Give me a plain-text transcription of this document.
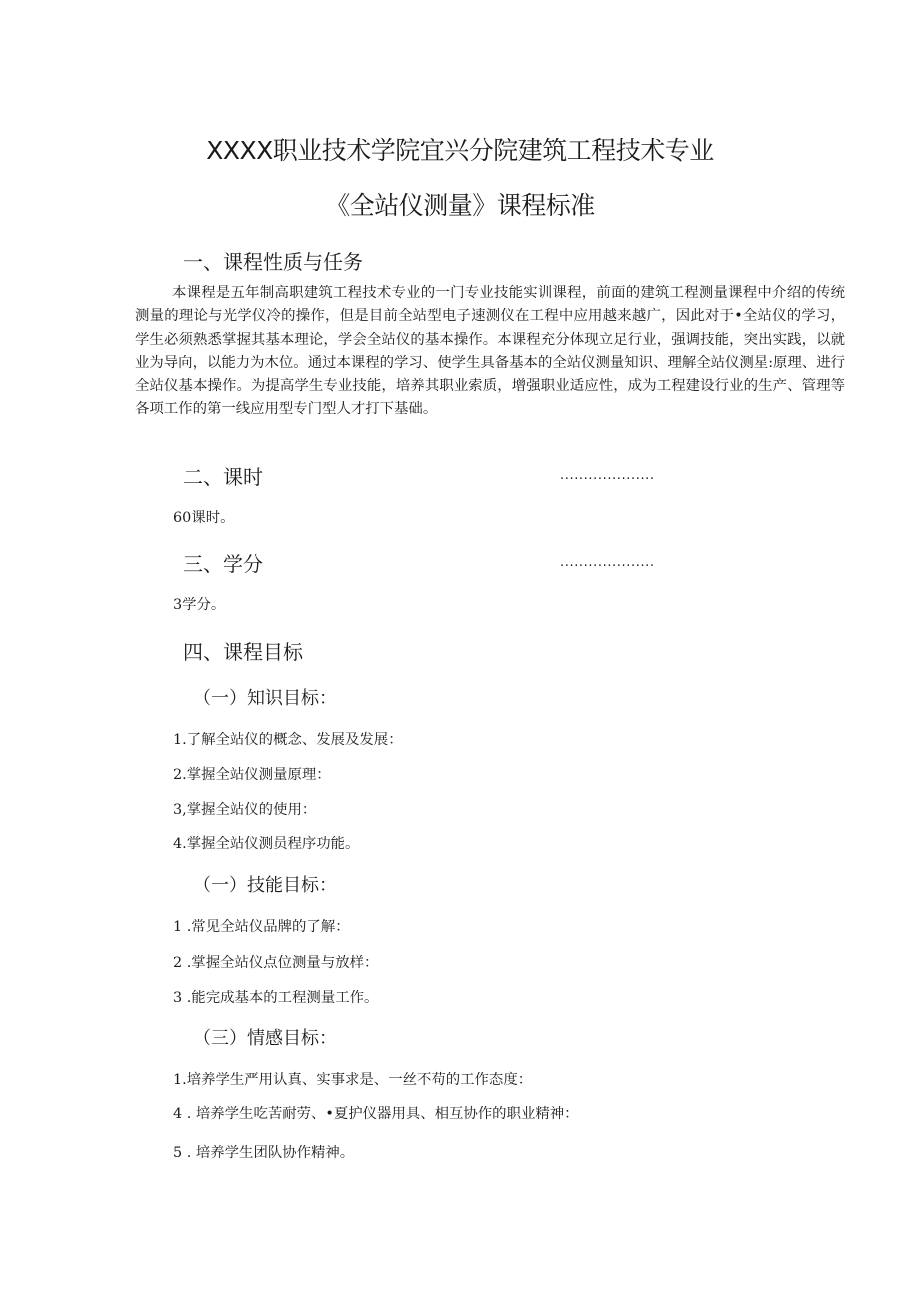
XXXX职业技术学院宜兴分院建筑工程技术专业
《全站仪测量》课程标准
一、课程性质与任务
本课程是五年制高职建筑工程技术专业的一门专业技能实训课程，前面的建筑工程测量课程中介绍的传统测量的理论与光学仪冷的操作，但是目前全站型电子速测仪在工程中应用越来越广，因此对于•全站仪的学习，学生必须熟悉掌握其基本理论，学会全站仪的基本操作。本课程充分体现立足行业，强调技能，突出实践，以就业为导向，以能力为木位。通过本课程的学习、使学生具备基本的全站仪测量知识、理解全站仪测星:原理、进行全站仪基本操作。为提高学生专业技能，培养其职业索质，增强职业适应性，成为工程建设行业的生产、管理等各项工作的第一线应用型专门型人才打下基础。
二、课时	....................
60课时。
三、学分	....................
3学分。
四、课程目标
（一）知识目标：
1.了解全站仪的概念、发展及发展：
2.掌握全站仪测量原理：
3,掌握全站仪的使用：
4.掌握全站仪测员程序功能。
（一）技能目标：
1 .常见全站仪品牌的了解：
2 .掌握全站仪点位测量与放样：
3 .能完成基本的工程测量工作。
（三）情感目标：
1.培养学生严用认真、实事求是、一丝不苟的工作态度：
4 . 培养学生吃苦耐劳、•夏护仪器用具、相互协作的职业精神：
5 . 培养学生团队协作精神。
